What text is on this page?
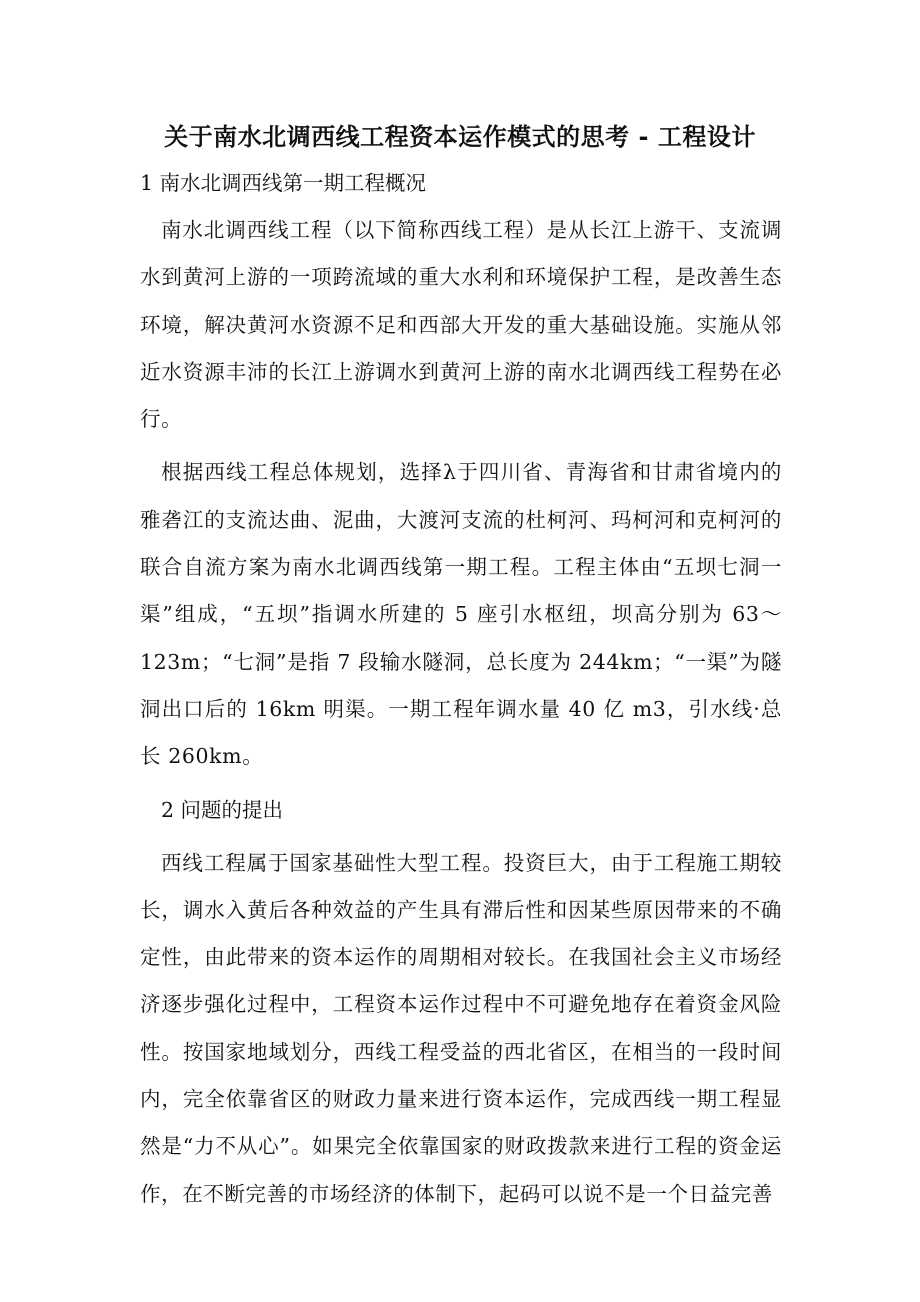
关于南水北调西线工程资本运作模式的思考 - 工程设计
1 南水北调西线第一期工程概况

南水北调西线工程（以下简称西线工程）是从长江上游干、支流调水到黄河上游的一项跨流域的重大水利和环境保护工程，是改善生态环境，解决黄河水资源不足和西部大开发的重大基础设施。实施从邻近水资源丰沛的长江上游调水到黄河上游的南水北调西线工程势在必行。

根据西线工程总体规划，选择λ于四川省、青海省和甘肃省境内的雅砻江的支流达曲、泥曲，大渡河支流的杜柯河、玛柯河和克柯河的联合自流方案为南水北调西线第一期工程。工程主体由“五坝七洞一渠”组成，“五坝”指调水所建的 5 座引水枢纽，坝高分别为 63～123m；“七洞”是指 7 段输水隧洞，总长度为 244km；“一渠”为隧洞出口后的 16km 明渠。一期工程年调水量 40 亿 m3，引水线·总长 260km。

2 问题的提出

西线工程属于国家基础性大型工程。投资巨大，由于工程施工期较长，调水入黄后各种效益的产生具有滞后性和因某些原因带来的不确定性，由此带来的资本运作的周期相对较长。在我国社会主义市场经济逐步强化过程中，工程资本运作过程中不可避免地存在着资金风险性。按国家地域划分，西线工程受益的西北省区，在相当的一段时间内，完全依靠省区的财政力量来进行资本运作，完成西线一期工程显然是“力不从心”。如果完全依靠国家的财政拨款来进行工程的资金运作，在不断完善的市场经济的体制下，起码可以说不是一个日益完善
